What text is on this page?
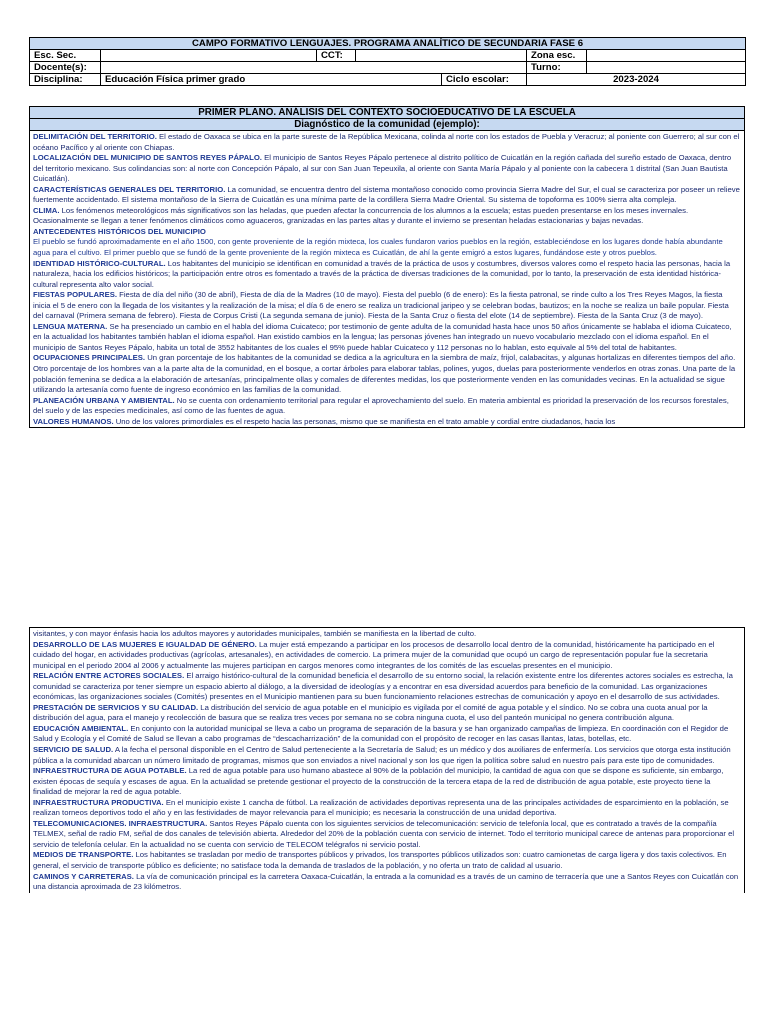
CAMPO FORMATIVO LENGUAJES. PROGRAMA ANALÍTICO DE SECUNDARIA FASE 6						
Esc. Sec.		CCT:			Zona esc.	
Docente(s):					Turno:	
Disciplina:	Educación Física primer grado			Ciclo escolar:	2023-2024	
PRIMER PLANO. ANÁLISIS DEL CONTEXTO SOCIOEDUCATIVO DE LA ESCUELA
Diagnóstico de la comunidad (ejemplo):

DELIMITACIÓN DEL TERRITORIO. El estado de Oaxaca se ubica en la parte sureste de la República Mexicana, colinda al norte con los estados de Puebla y Veracruz; al poniente con Guerrero; al sur con el océano Pacífico y al oriente con Chiapas.

LOCALIZACIÓN DEL MUNICIPIO DE SANTOS REYES PÁPALO. El municipio de Santos Reyes Pápalo pertenece al distrito político de Cuicatlán en la región cañada del sureño estado de Oaxaca, dentro del territorio mexicano. Sus colindancias son: al norte con Concepción Pápalo, al sur con San Juan Tepeuxila, al oriente con Santa María Pápalo y al poniente con la cabecera 1 distrital (San Juan Bautista Cuicatlán).

CARACTERÍSTICAS GENERALES DEL TERRITORIO. La comunidad, se encuentra dentro del sistema montañoso conocido como provincia Sierra Madre del Sur, el cual se caracteriza por poseer un relieve fuertemente accidentado. El sistema montañoso de la Sierra de Cuicatlán es una mínima parte de la cordillera Sierra Madre Oriental. Su sistema de topoforma es 100% sierra alta compleja.

CLIMA. Los fenómenos meteorológicos más significativos son las heladas, que pueden afectar la concurrencia de los alumnos a la escuela; estas pueden presentarse en los meses invernales. Ocasionalmente se llegan a tener fenómenos climáticos como aguaceros, granizadas en las partes altas y durante el invierno se presentan heladas estacionarias y bajas nevadas.

ANTECEDENTES HISTÓRICOS DEL MUNICIPIO

El pueblo se fundó aproximadamente en el año 1500, con gente proveniente de la región mixteca, los cuales fundaron varios pueblos en la región, estableciéndose en los lugares donde había abundante agua para el cultivo. El primer pueblo que se fundó de la gente proveniente de la región mixteca es Cuicatlán, de ahí la gente emigró a estos lugares, fundándose este y otros pueblos.

IDENTIDAD HISTÓRICO-CULTURAL. Los habitantes del municipio se identifican en comunidad a través de la práctica de usos y costumbres, diversos valores como el respeto hacia las personas, hacia la naturaleza, hacia los edificios históricos; la participación entre otros es fomentado a través de la práctica de diversas tradiciones de la comunidad, por lo tanto, la preservación de esta identidad histórica-cultural representa alto valor social.

FIESTAS POPULARES. Fiesta de día del niño (30 de abril), Fiesta de día de la Madres (10 de mayo). Fiesta del pueblo (6 de enero): Es la fiesta patronal, se rinde culto a los Tres Reyes Magos, la fiesta inicia el 5 de enero con la llegada de los visitantes y la realización de la misa; el día 6 de enero se realiza un tradicional jaripeo y se celebran bodas, bautizos; en la noche se realiza un baile popular. Fiesta del carnaval (Primera semana de febrero). Fiesta de Corpus Cristi (La segunda semana de junio). Fiesta de la Santa Cruz o fiesta del elote (14 de septiembre). Fiesta de la Santa Cruz (3 de mayo).

LENGUA MATERNA. Se ha presenciado un cambio en el habla del idioma Cuicateco; por testimonio de gente adulta de la comunidad hasta hace unos 50 años únicamente se hablaba el idioma Cuicateco, en la actualidad los habitantes también hablan el idioma español. Han existido cambios en la lengua; las personas jóvenes han integrado un nuevo vocabulario mezclado con el idioma español. En el municipio de Santos Reyes Pápalo, habita un total de 3552 habitantes de los cuales el 95% puede hablar Cuicateco y 112 personas no lo hablan, esto equivale al 5% del total de habitantes.

OCUPACIONES PRINCIPALES. Un gran porcentaje de los habitantes de la comunidad se dedica a la agricultura en la siembra de maíz, frijol, calabacitas, y algunas hortalizas en diferentes tiempos del año. Otro porcentaje de los hombres van a la parte alta de la comunidad, en el bosque, a cortar árboles para elaborar tablas, polines, yugos, duelas para posteriormente venderlos en otras zonas. Una parte de la población femenina se dedica a la elaboración de artesanías, principalmente ollas y comales de diferentes medidas, los que posteriormente venden en las comunidades vecinas. En la actualidad se sigue utilizando la artesanía como fuente de ingreso económico en las familias de la comunidad.

PLANEACIÓN URBANA Y AMBIENTAL. No se cuenta con ordenamiento territorial para regular el aprovechamiento del suelo. En materia ambiental es prioridad la preservación de los recursos forestales, del suelo y de las especies medicinales, así como de las fuentes de agua.

VALORES HUMANOS. Uno de los valores primordiales es el respeto hacia las personas, mismo que se manifiesta en el trato amable y cordial entre ciudadanos, hacia los

visitantes, y con mayor énfasis hacia los adultos mayores y autoridades municipales, también se manifiesta en la libertad de culto.

DESARROLLO DE LAS MUJERES E IGUALDAD DE GÉNERO. La mujer está empezando a participar en los procesos de desarrollo local dentro de la comunidad, históricamente ha participado en el cuidado del hogar, en actividades productivas (agrícolas, artesanales), en actividades de comercio. La primera mujer de la comunidad que ocupó un cargo de representación popular fue la secretaria municipal en el periodo 2004 al 2006 y actualmente las mujeres participan en cargos menores como integrantes de los comités de las escuelas presentes en el municipio.

RELACIÓN ENTRE ACTORES SOCIALES. El arraigo histórico-cultural de la comunidad beneficia el desarrollo de su entorno social, la relación existente entre los diferentes actores sociales es estrecha, la comunidad se caracteriza por tener siempre un espacio abierto al diálogo, a la diversidad de ideologías y a encontrar en esa diversidad acuerdos para beneficio de la comunidad. Las organizaciones económicas, las organizaciones sociales (Comités) presentes en el Municipio mantienen para su buen funcionamiento relaciones estrechas de comunicación y apoyo en el desarrollo de sus actividades.

PRESTACIÓN DE SERVICIOS Y SU CALIDAD. La distribución del servicio de agua potable en el municipio es vigilada por el comité de agua potable y el síndico. No se cobra una cuota anual por la distribución del agua, para el manejo y recolección de basura que se realiza tres veces por semana no se cobra ninguna cuota, el uso del panteón municipal no genera contribución alguna.

EDUCACIÓN AMBIENTAL. En conjunto con la autoridad municipal se lleva a cabo un programa de separación de la basura y se han organizado campañas de limpieza. En coordinación con el Regidor de Salud y Ecología y el Comité de Salud se llevan a cabo programas de “descacharrización” de la comunidad con el propósito de recoger en las casas llantas, latas, botellas, etc.

SERVICIO DE SALUD. A la fecha el personal disponible en el Centro de Salud perteneciente a la Secretaría de Salud; es un médico y dos auxiliares de enfermería. Los servicios que otorga esta institución pública a la comunidad abarcan un número limitado de programas, mismos que son enviados a nivel nacional y son los que rigen la política sobre salud en nuestro país para este tipo de comunidades.

INFRAESTRUCTURA DE AGUA POTABLE. La red de agua potable para uso humano abastece al 90% de la población del municipio, la cantidad de agua con que se dispone es suficiente, sin embargo, existen épocas de sequía y escases de agua. En la actualidad se pretende gestionar el proyecto de la construcción de la tercera etapa de la red de distribución de agua potable, este proyecto tiene la finalidad de mejorar la red de agua potable.

INFRAESTRUCTURA PRODUCTIVA. En el municipio existe 1 cancha de fútbol. La realización de actividades deportivas representa una de las principales actividades de esparcimiento en la población, se realizan torneos deportivos todo el año y en las festividades de mayor relevancia para el municipio; es necesaria la construcción de una unidad deportiva.

TELECOMUNICACIONES. INFRAESTRUCTURA. Santos Reyes Pápalo cuenta con los siguientes servicios de telecomunicación: servicio de telefonía local, que es contratado a través de la compañía TELMEX, señal de radio FM, señal de dos canales de televisión abierta. Alrededor del 20% de la población cuenta con servicio de internet. Todo el territorio municipal carece de antenas para proporcionar el servicio de telefonía celular. En la actualidad no se cuenta con servicio de TELECOM telégrafos ni servicio postal.

MEDIOS DE TRANSPORTE. Los habitantes se trasladan por medio de transportes públicos y privados, los transportes públicos utilizados son: cuatro camionetas de carga ligera y dos taxis colectivos. En general, el servicio de transporte público es deficiente; no satisface toda la demanda de traslados de la población, y no oferta un trato de calidad al usuario.

CAMINOS Y CARRETERAS. La vía de comunicación principal es la carretera Oaxaca-Cuicatlán, la entrada a la comunidad es a través de un camino de terracería que une a Santos Reyes con Cuicatlán con una distancia aproximada de 23 kilómetros.
